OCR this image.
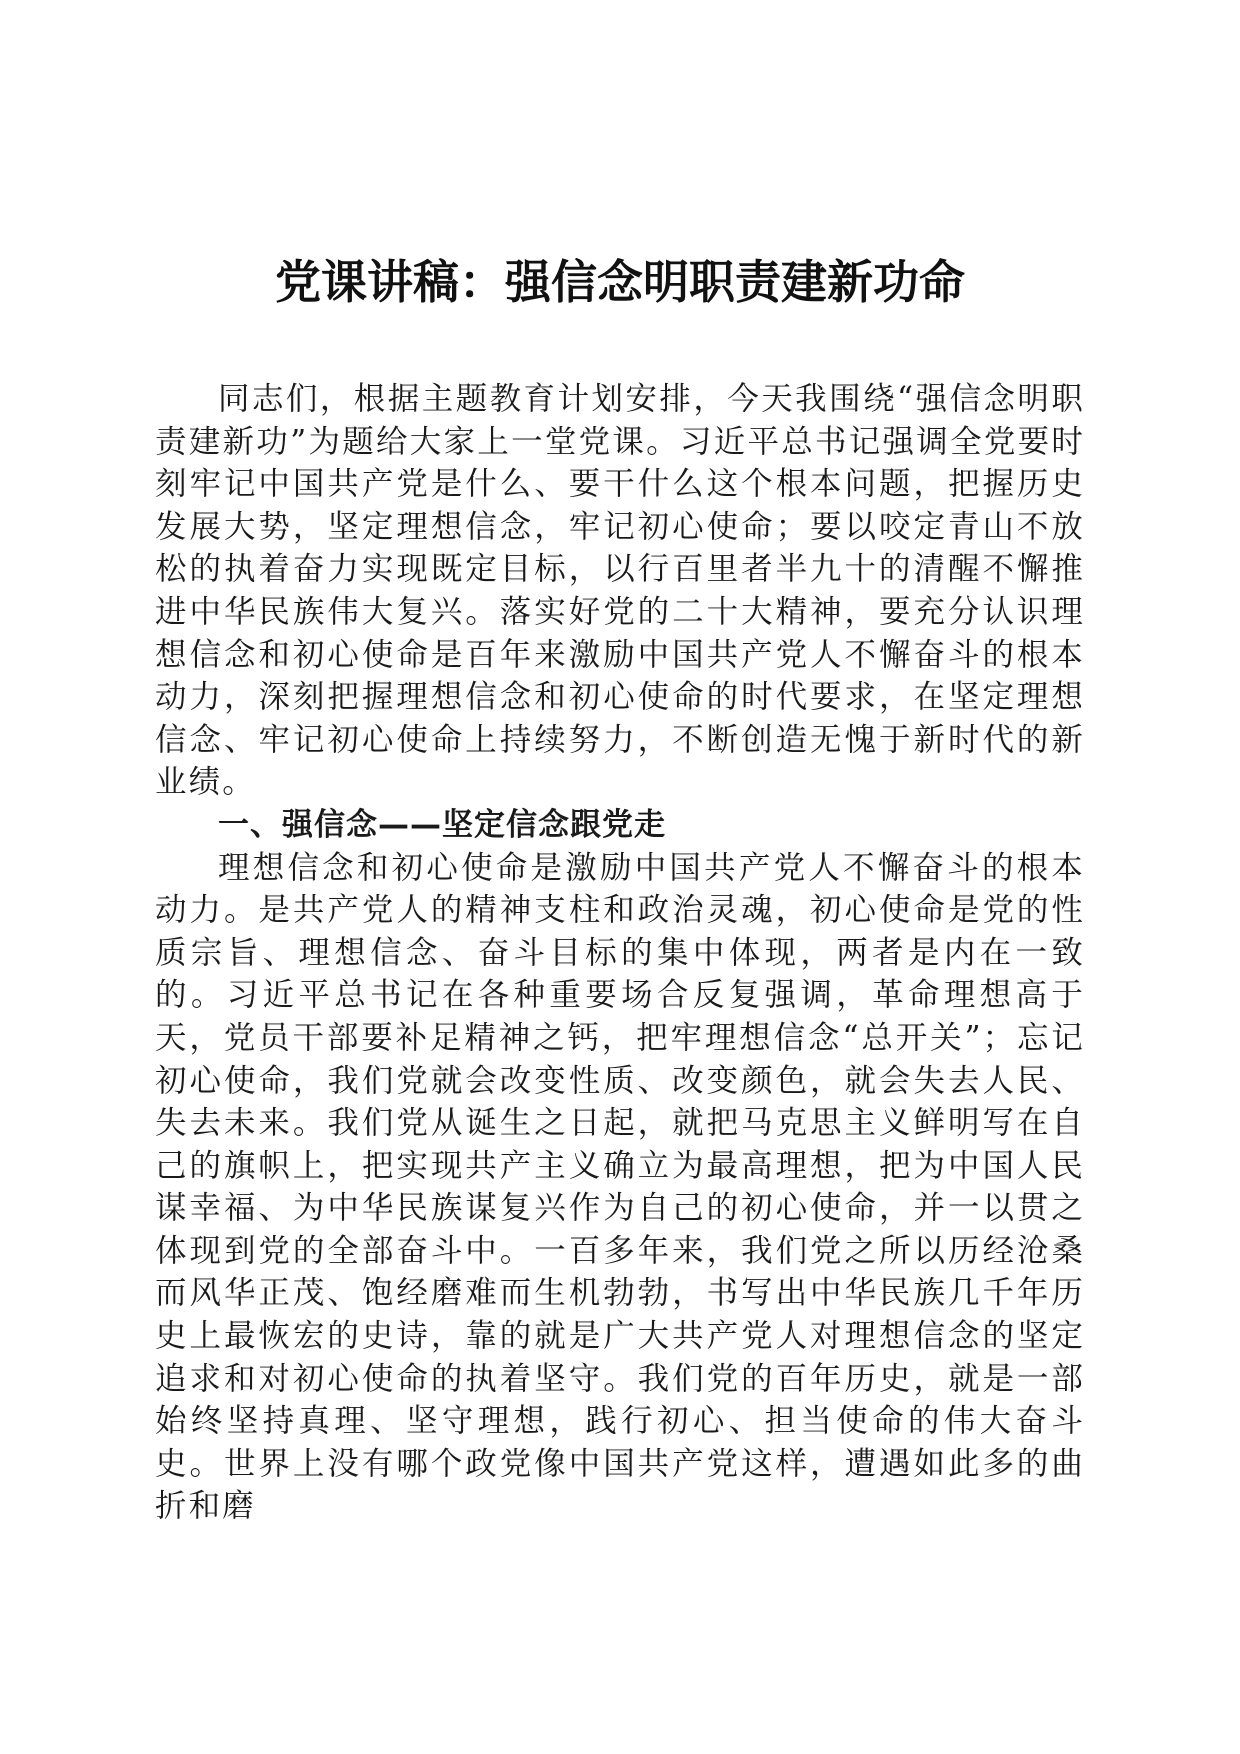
党课讲稿：强信念明职责建新功命

同志们，根据主题教育计划安排，今天我围绕“强信念明职责建新功”为题给大家上一堂党课。习近平总书记强调全党要时刻牢记中国共产党是什么、要干什么这个根本问题，把握历史发展大势，坚定理想信念，牢记初心使命；要以咬定青山不放松的执着奋力实现既定目标，以行百里者半九十的清醒不懈推进中华民族伟大复兴。落实好党的二十大精神，要充分认识理想信念和初心使命是百年来激励中国共产党人不懈奋斗的根本动力，深刻把握理想信念和初心使命的时代要求，在坚定理想信念、牢记初心使命上持续努力，不断创造无愧于新时代的新业绩。

一、强信念——坚定信念跟党走

理想信念和初心使命是激励中国共产党人不懈奋斗的根本动力。是共产党人的精神支柱和政治灵魂，初心使命是党的性质宗旨、理想信念、奋斗目标的集中体现，两者是内在一致的。习近平总书记在各种重要场合反复强调，革命理想高于天，党员干部要补足精神之钙，把牢理想信念“总开关”；忘记初心使命，我们党就会改变性质、改变颜色，就会失去人民、失去未来。我们党从诞生之日起，就把马克思主义鲜明写在自己的旗帜上，把实现共产主义确立为最高理想，把为中国人民谋幸福、为中华民族谋复兴作为自己的初心使命，并一以贯之体现到党的全部奋斗中。一百多年来，我们党之所以历经沧桑而风华正茂、饱经磨难而生机勃勃，书写出中华民族几千年历史上最恢宏的史诗，靠的就是广大共产党人对理想信念的坚定追求和对初心使命的执着坚守。我们党的百年历史，就是一部始终坚持真理、坚守理想，践行初心、担当使命的伟大奋斗史。世界上没有哪个政党像中国共产党这样，遭遇如此多的曲折和磨
